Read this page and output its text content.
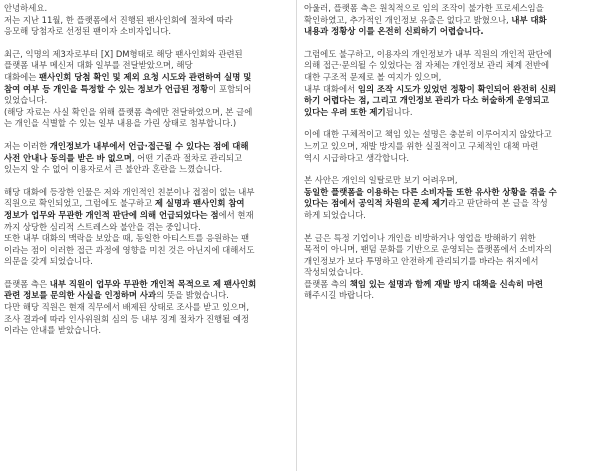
안녕하세요.
저는 지난 11월, 한 플랫폼에서 진행된 팬사인회에 절차에 따라
응모해 당첨자로 선정된 팬이자 소비자입니다.

최근, 익명의 제3자로부터 [X] DM형태로 해당 팬사인회와 관련된
플랫폼 내부 메신저 대화 일부를 전달받았으며, 해당
대화에는 팬사인회 당첨 확인 및 제외 요청 시도와 관련하여 실명 및
참여 여부 등 개인을 특정할 수 있는 정보가 언급된 정황이 포함되어
있었습니다.
(해당 자료는 사실 확인을 위해 플랫폼 측에만 전달하였으며, 본 글에
는 개인을 식별할 수 있는 일부 내용을 가린 상태로 첨부합니다.)

저는 이러한 개인정보가 내부에서 언급·접근될 수 있다는 점에 대해
사전 안내나 동의를 받은 바 없으며, 어떤 기준과 절차로 관리되고
있는지 알 수 없어 이용자로서 큰 불안과 혼란을 느꼈습니다.

해당 대화에 등장한 인물은 저와 개인적인 친분이나 접점이 없는 내부
직원으로 확인되었고, 그럼에도 불구하고 제 실명과 팬사인회 참여
정보가 업무와 무관한 개인적 판단에 의해 언급되었다는 점에서 현재
까지 상당한 심리적 스트레스와 불안을 겪는 중입니다.
또한 내부 대화의 맥락을 보았을 때, 동일한 아티스트를 응원하는 팬
이라는 점이 이러한 접근 과정에 영향을 미친 것은 아닌지에 대해서도
의문을 갖게 되었습니다.

플랫폼 측은 내부 직원이 업무와 무관한 개인적 목적으로 제 팬사인회
관련 정보를 문의한 사실을 인정하며 사과의 뜻을 밝혔습니다.
다만 해당 직원은 현재 직무에서 배제된 상태로 조사를 받고 있으며,
조사 결과에 따라 인사위원회 심의 등 내부 징계 절차가 진행될 예정
이라는 안내를 받았습니다.

아울러, 플랫폼 측은 원칙적으로 임의 조작이 불가한 프로세스임을
확인하였고, 추가적인 개인정보 유출은 없다고 밝혔으나, 내부 대화
내용과 정황상 이를 온전히 신뢰하기 어렵습니다.

그럼에도 불구하고, 이용자의 개인정보가 내부 직원의 개인적 판단에
의해 접근·문의될 수 있었다는 점 자체는 개인정보 관리 체계 전반에
대한 구조적 문제로 볼 여지가 있으며,
내부 대화에서 임의 조작 시도가 있었던 정황이 확인되어 완전히 신뢰
하기 어렵다는 점, 그리고 개인정보 관리가 다소 허술하게 운영되고
있다는 우려 또한 제기됩니다.

이에 대한 구체적이고 책임 있는 설명은 충분히 이루어지지 않았다고
느끼고 있으며, 재발 방지를 위한 실질적이고 구체적인 대책 마련
역시 시급하다고 생각합니다.

본 사안은 개인의 일탈로만 보기 어려우며,
동일한 플랫폼을 이용하는 다른 소비자들 또한 유사한 상황을 겪을 수
있다는 점에서 공익적 차원의 문제 제기라고 판단하여 본 글을 작성
하게 되었습니다.

본 글은 특정 기업이나 개인을 비방하거나 영업을 방해하기 위한
목적이 아니며, 팬덤 문화를 기반으로 운영되는 플랫폼에서 소비자의
개인정보가 보다 투명하고 안전하게 관리되기를 바라는 취지에서
작성되었습니다.
플랫폼 측의 책임 있는 설명과 함께 재발 방지 대책을 신속히 마련
해주시길 바랍니다.
